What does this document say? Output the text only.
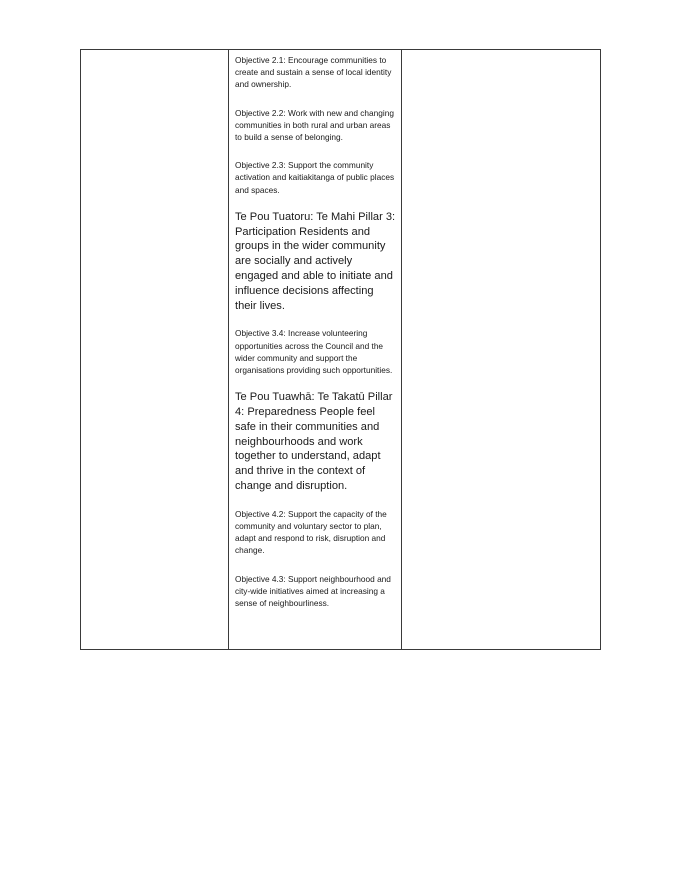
Objective 2.1: Encourage communities to create and sustain a sense of local identity and ownership.

Objective 2.2: Work with new and changing communities in both rural and urban areas to build a sense of belonging.

Objective 2.3: Support the community activation and kaitiakitanga of public places and spaces.

Te Pou Tuatoru: Te Mahi Pillar 3: Participation Residents and groups in the wider community are socially and actively engaged and able to initiate and influence decisions affecting their lives.

Objective 3.4: Increase volunteering opportunities across the Council and the wider community and support the organisations providing such opportunities.

Te Pou Tuawhā: Te Takatū Pillar 4: Preparedness People feel safe in their communities and neighbourhoods and work together to understand, adapt and thrive in the context of change and disruption.

Objective 4.2: Support the capacity of the community and voluntary sector to plan, adapt and respond to risk, disruption and change.

Objective 4.3: Support neighbourhood and city-wide initiatives aimed at increasing a sense of neighbourliness.
